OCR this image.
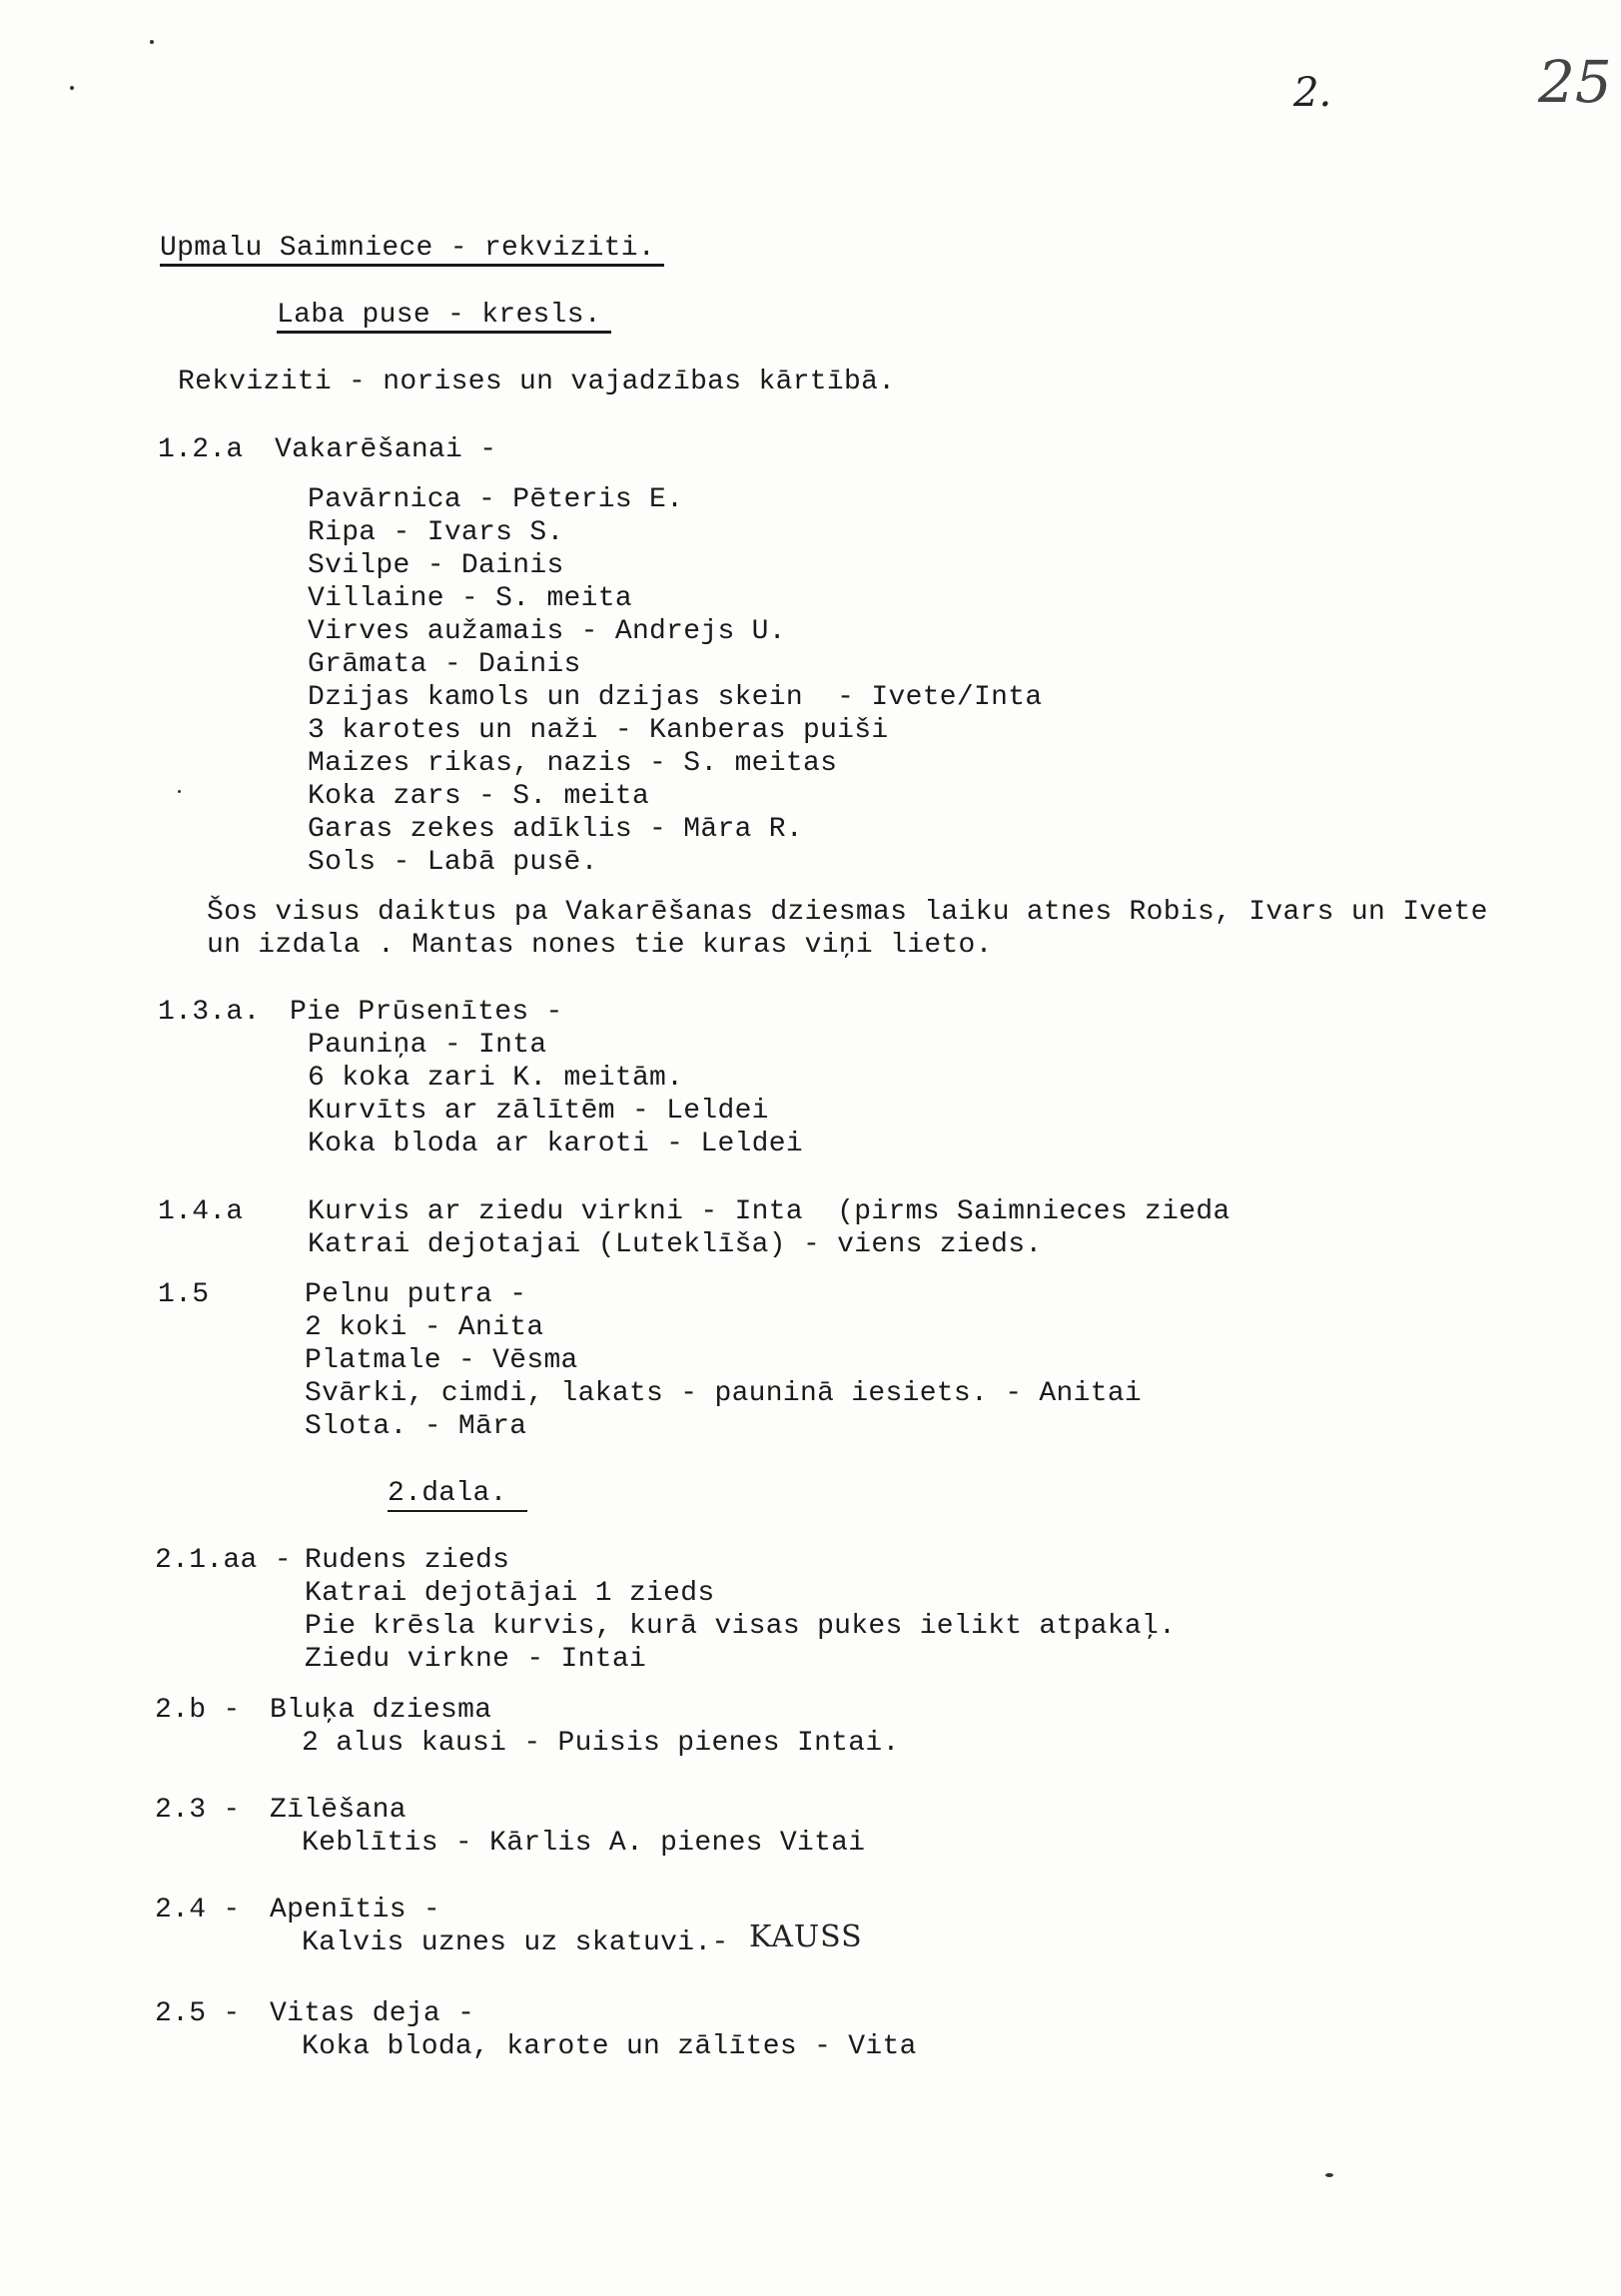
2.	25
Upmalu Saimniece - rekviziti.
Laba puse - kresls.
Rekviziti - norises un vajadzības kārtībā.
1.2.a Vakarēšanai -
Pavārnica - Pēteris E.
Ripa - Ivars S.
Svilpe - Dainis
Villaine - S. meita
Virves aužamais - Andrejs U.
Grāmata - Dainis
Dzijas kamols un dzijas skein  - Ivete/Inta
3 karotes un naži - Kanberas puiši
Maizes rikas, nazis - S. meitas
Koka zars - S. meita
Garas zekes adīklis - Māra R.
Sols - Labā pusē.
Šos visus daiktus pa Vakarēšanas dziesmas laiku atnes Robis, Ivars un Ivete
un izdala . Mantas nones tie kuras viņi lieto.
1.3.a. Pie Prūsenītes -
Pauniņa - Inta
6 koka zari K. meitām.
Kurvīts ar zālītēm - Leldei
Koka bloda ar karoti - Leldei
1.4.a Kurvis ar ziedu virkni - Inta  (pirms Saimnieces zieda
Katrai dejotajai (Luteklīša) - viens zieds.
1.5	Pelnu putra -
2 koki - Anita
Platmale - Vēsma
Svārki, cimdi, lakats - pauninā iesiets. - Anitai
Slota. - Māra
2.dala.
2.1.aa - Rudens zieds
Katrai dejotājai 1 zieds
Pie krēsla kurvis, kurā visas pukes ielikt atpakaļ.
Ziedu virkne - Intai
2.b - Bluķa dziesma
2 alus kausi - Puisis pienes Intai.
2.3 - Zīlēšana
Keblītis - Kārlis A. pienes Vitai
2.4 - Apenītis -
Kalvis uznes uz skatuvi.- KAUSS
2.5 - Vitas deja -
Koka bloda, karote un zālītes - Vita
